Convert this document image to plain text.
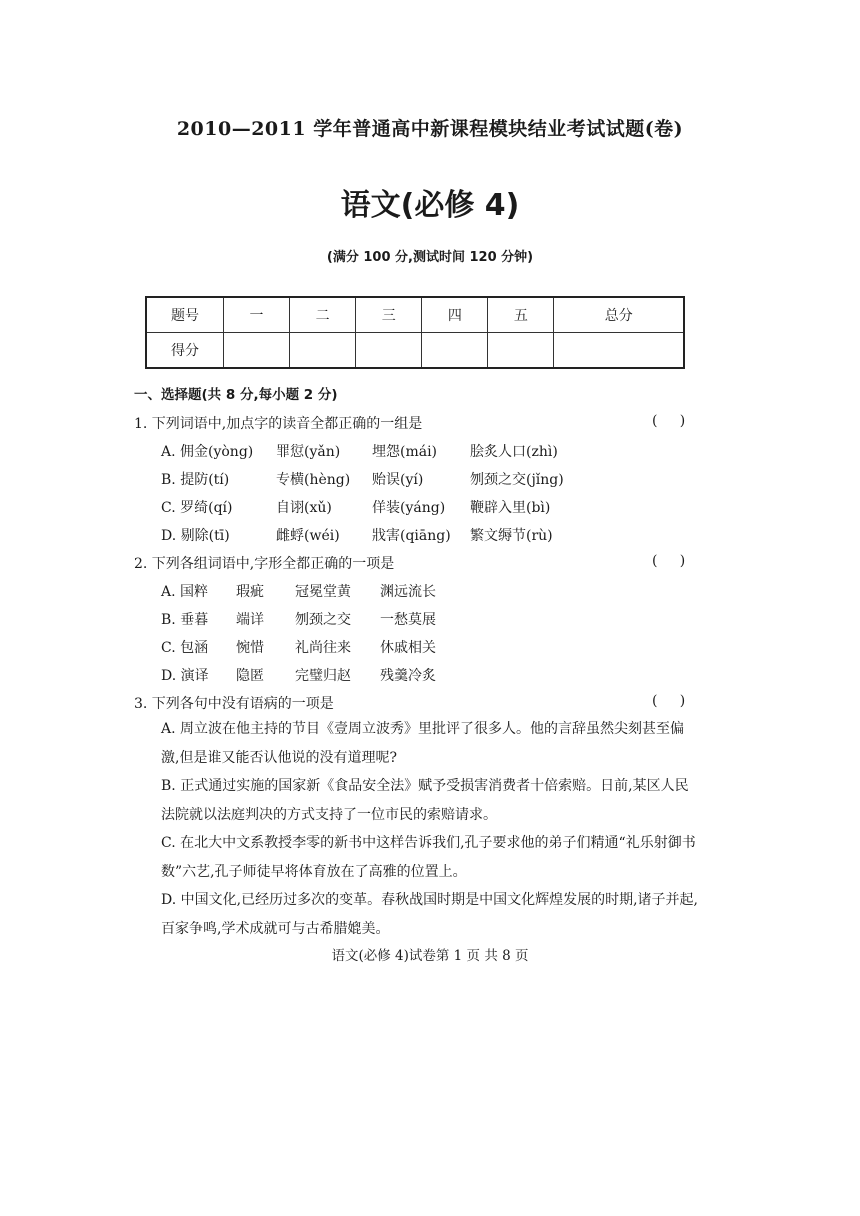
2010—2011 学年普通高中新课程模块结业考试试题(卷)
语文(必修 4)
(满分 100 分,测试时间 120 分钟)
题号	一	二	三	四	五	总分
得分						
一、选择题(共 8 分,每小题 2 分)
1. 下列词语中,加点字的读音全都正确的一组是	(     )
A. 佣金(yòng) 罪愆(yǎn) 埋怨(mái) 脍炙人口(zhì)
B. 提防(tí)	专横(hèng) 贻误(yí)	刎颈之交(jǐng)
C. 罗绮(qí)	自诩(xǔ)	佯装(yáng) 鞭辟入里(bì)
D. 剔除(tī)	雌蜉(wéi) 戕害(qiāng) 繁文缛节(rù)
2. 下列各组词语中,字形全都正确的一项是	(     )
A. 国粹 瑕疵 冠冕堂黄 渊远流长
B. 垂暮 端详 刎颈之交 一愁莫展
C. 包涵 惋惜 礼尚往来 休戚相关
D. 演译 隐匿 完璧归赵 残羹冷炙
3. 下列各句中没有语病的一项是	(     )
A. 周立波在他主持的节目《壹周立波秀》里批评了很多人。他的言辞虽然尖刻甚至偏激,但是谁又能否认他说的没有道理呢?
B. 正式通过实施的国家新《食品安全法》赋予受损害消费者十倍索赔。日前,某区人民法院就以法庭判决的方式支持了一位市民的索赔请求。
C. 在北大中文系教授李零的新书中这样告诉我们,孔子要求他的弟子们精通“礼乐射御书数”六艺,孔子师徒早将体育放在了高雅的位置上。
D. 中国文化,已经历过多次的变革。春秋战国时期是中国文化辉煌发展的时期,诸子并起,百家争鸣,学术成就可与古希腊媲美。
语文(必修 4)试卷第 1 页 共 8 页
